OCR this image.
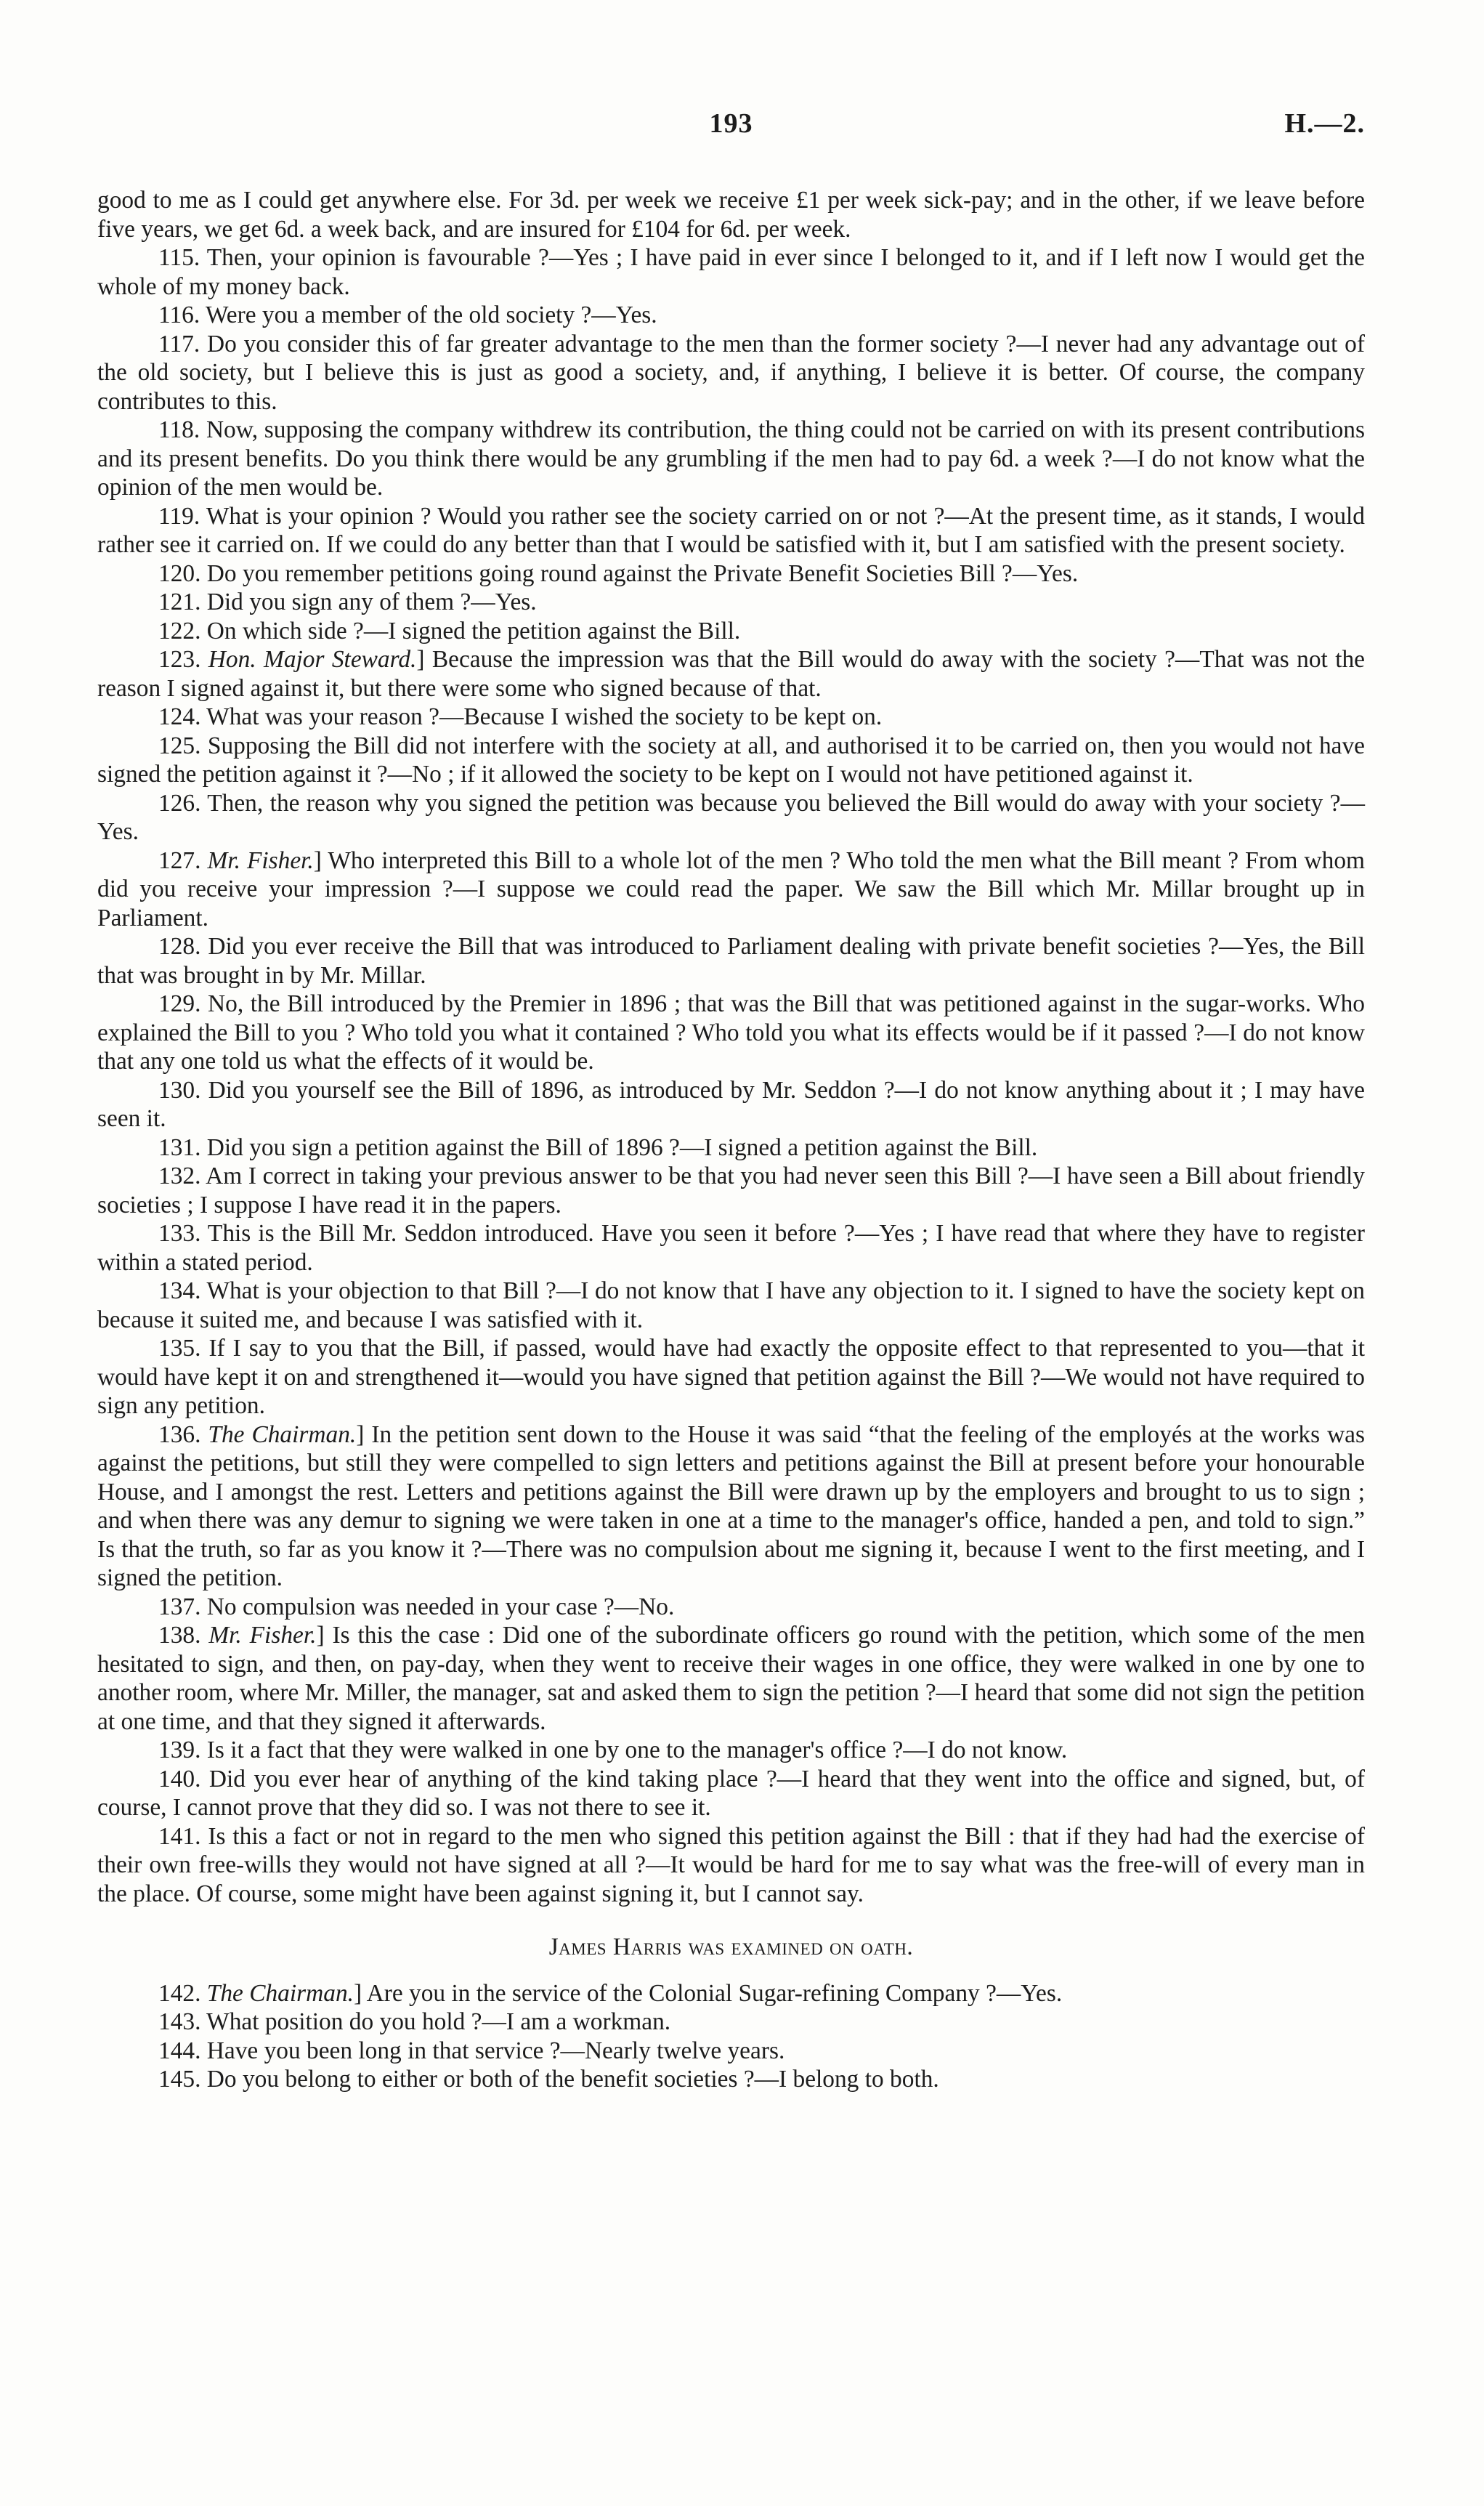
193	H.—2.

good to me as I could get anywhere else. For 3d. per week we receive £1 per week sick-pay; and in the other, if we leave before five years, we get 6d. a week back, and are insured for £104 for 6d. per week.

115. Then, your opinion is favourable ?—Yes ; I have paid in ever since I belonged to it, and if I left now I would get the whole of my money back.

116. Were you a member of the old society ?—Yes.

117. Do you consider this of far greater advantage to the men than the former society ?—I never had any advantage out of the old society, but I believe this is just as good a society, and, if anything, I believe it is better. Of course, the company contributes to this.

118. Now, supposing the company withdrew its contribution, the thing could not be carried on with its present contributions and its present benefits. Do you think there would be any grumbling if the men had to pay 6d. a week ?—I do not know what the opinion of the men would be.

119. What is your opinion ? Would you rather see the society carried on or not ?—At the present time, as it stands, I would rather see it carried on. If we could do any better than that I would be satisfied with it, but I am satisfied with the present society.

120. Do you remember petitions going round against the Private Benefit Societies Bill ?—Yes.

121. Did you sign any of them ?—Yes.

122. On which side ?—I signed the petition against the Bill.

123. Hon. Major Steward.] Because the impression was that the Bill would do away with the society ?—That was not the reason I signed against it, but there were some who signed because of that.

124. What was your reason ?—Because I wished the society to be kept on.

125. Supposing the Bill did not interfere with the society at all, and authorised it to be carried on, then you would not have signed the petition against it ?—No ; if it allowed the society to be kept on I would not have petitioned against it.

126. Then, the reason why you signed the petition was because you believed the Bill would do away with your society ?—Yes.

127. Mr. Fisher.] Who interpreted this Bill to a whole lot of the men ? Who told the men what the Bill meant ? From whom did you receive your impression ?—I suppose we could read the paper. We saw the Bill which Mr. Millar brought up in Parliament.

128. Did you ever receive the Bill that was introduced to Parliament dealing with private benefit societies ?—Yes, the Bill that was brought in by Mr. Millar.

129. No, the Bill introduced by the Premier in 1896 ; that was the Bill that was petitioned against in the sugar-works. Who explained the Bill to you ? Who told you what it contained ? Who told you what its effects would be if it passed ?—I do not know that any one told us what the effects of it would be.

130. Did you yourself see the Bill of 1896, as introduced by Mr. Seddon ?—I do not know anything about it ; I may have seen it.

131. Did you sign a petition against the Bill of 1896 ?—I signed a petition against the Bill.

132. Am I correct in taking your previous answer to be that you had never seen this Bill ?—I have seen a Bill about friendly societies ; I suppose I have read it in the papers.

133. This is the Bill Mr. Seddon introduced. Have you seen it before ?—Yes ; I have read that where they have to register within a stated period.

134. What is your objection to that Bill ?—I do not know that I have any objection to it. I signed to have the society kept on because it suited me, and because I was satisfied with it.

135. If I say to you that the Bill, if passed, would have had exactly the opposite effect to that represented to you—that it would have kept it on and strengthened it—would you have signed that petition against the Bill ?—We would not have required to sign any petition.

136. The Chairman.] In the petition sent down to the House it was said “that the feeling of the employés at the works was against the petitions, but still they were compelled to sign letters and petitions against the Bill at present before your honourable House, and I amongst the rest. Letters and petitions against the Bill were drawn up by the employers and brought to us to sign ; and when there was any demur to signing we were taken in one at a time to the manager's office, handed a pen, and told to sign.” Is that the truth, so far as you know it ?—There was no compulsion about me signing it, because I went to the first meeting, and I signed the petition.

137. No compulsion was needed in your case ?—No.

138. Mr. Fisher.] Is this the case : Did one of the subordinate officers go round with the petition, which some of the men hesitated to sign, and then, on pay-day, when they went to receive their wages in one office, they were walked in one by one to another room, where Mr. Miller, the manager, sat and asked them to sign the petition ?—I heard that some did not sign the petition at one time, and that they signed it afterwards.

139. Is it a fact that they were walked in one by one to the manager's office ?—I do not know.

140. Did you ever hear of anything of the kind taking place ?—I heard that they went into the office and signed, but, of course, I cannot prove that they did so. I was not there to see it.

141. Is this a fact or not in regard to the men who signed this petition against the Bill : that if they had had the exercise of their own free-wills they would not have signed at all ?—It would be hard for me to say what was the free-will of every man in the place. Of course, some might have been against signing it, but I cannot say.

James Harris was examined on oath.

142. The Chairman.] Are you in the service of the Colonial Sugar-refining Company ?—Yes.

143. What position do you hold ?—I am a workman.

144. Have you been long in that service ?—Nearly twelve years.

145. Do you belong to either or both of the benefit societies ?—I belong to both.
